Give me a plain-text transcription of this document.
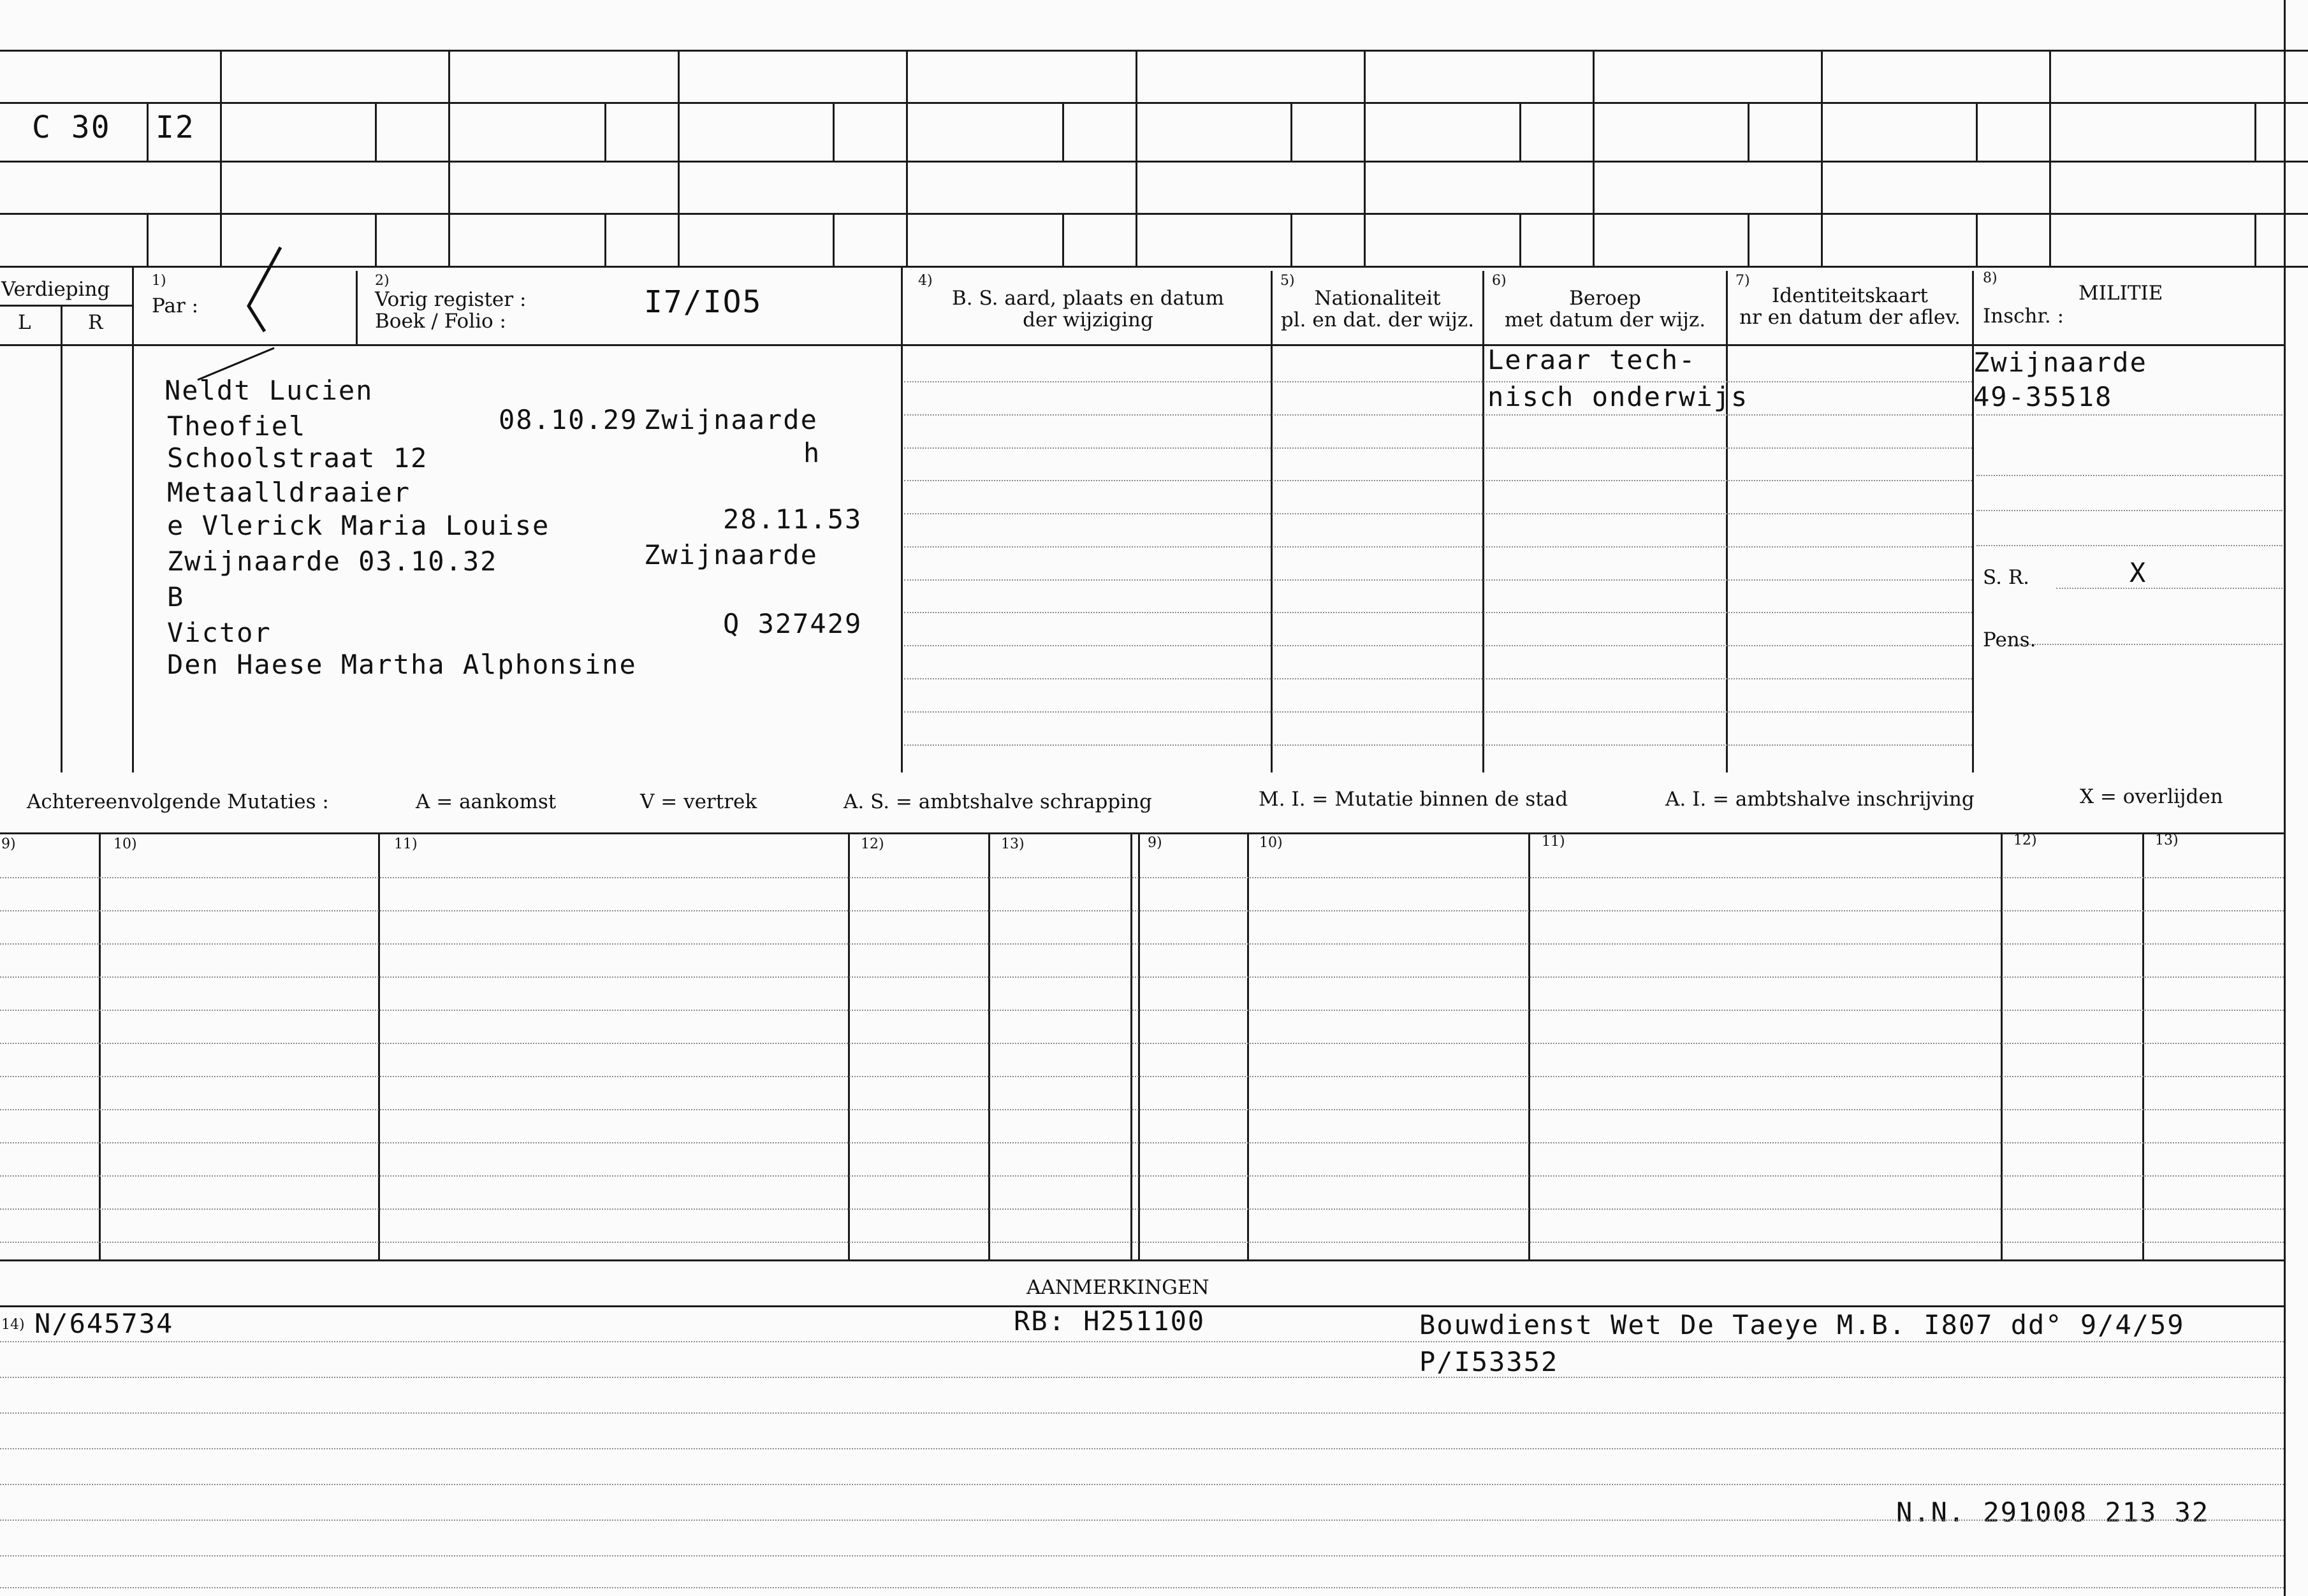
C 30 I2
Verdieping
L	R
1)
Par :
2)
Vorig register :
Boek / Folio :
I7/IO5
4)
B. S. aard, plaats en datum
der wijziging
5)
Nationaliteit
pl. en dat. der wijz.
6)
Beroep
met datum der wijz.
7)
Identiteitskaart
nr en datum der aflev.
8)
MILITIE
Inschr. :
Neldt Lucien
Theofiel	08.10.29 Zwijnaarde
Schoolstraat 12	h
Metaalldraaier
e Vlerick Maria Louise	28.11.53
Zwijnaarde 03.10.32	Zwijnaarde
B
Victor	Q 327429
Den Haese Martha Alphonsine
Leraar tech-
nisch onderwijs
Zwijnaarde
49-35518
S. R.	X
Pens.
Achtereenvolgende Mutaties :	A = aankomst	V = vertrek	A. S. = ambtshalve schrapping	M. I. = Mutatie binnen de stad	A. I. = ambtshalve inschrijving	X = overlijden
9)	10)	11)	12)	13)	9)	10)	11)	12)	13)
AANMERKINGEN
14) N/645734	RB: H251100	Bouwdienst Wet De Taeye M.B. I807 dd° 9/4/59
P/I53352
N.N. 291008 213 32
